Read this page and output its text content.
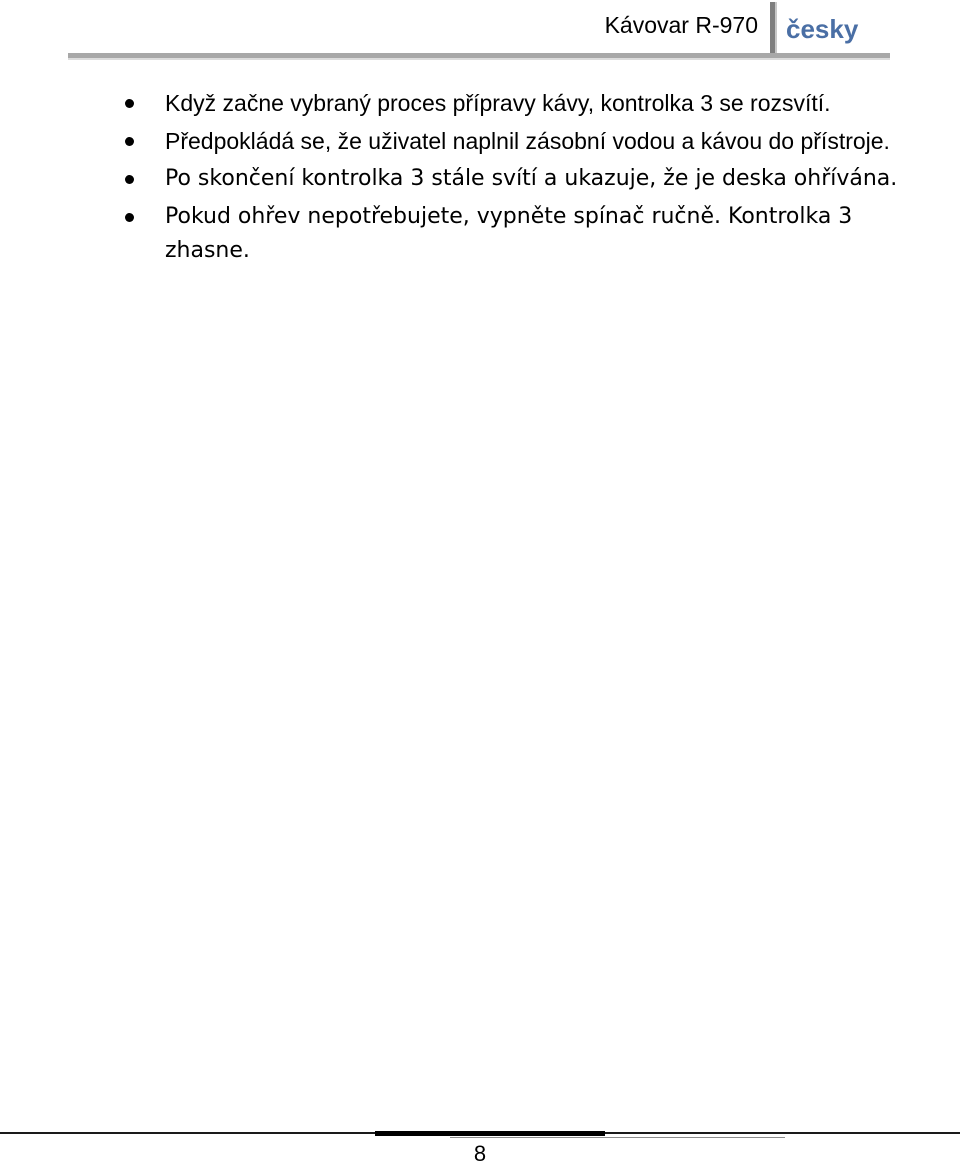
Kávovar R-970 česky
Když začne vybraný proces přípravy kávy, kontrolka 3 se rozsvítí.
Předpokládá se, že uživatel naplnil zásobní vodou a kávou do přístroje.
Po skončení kontrolka 3 stále svítí a ukazuje, že je deska ohřívána.
Pokud ohřev nepotřebujete, vypněte spínač ručně. Kontrolka 3 zhasne.
8
